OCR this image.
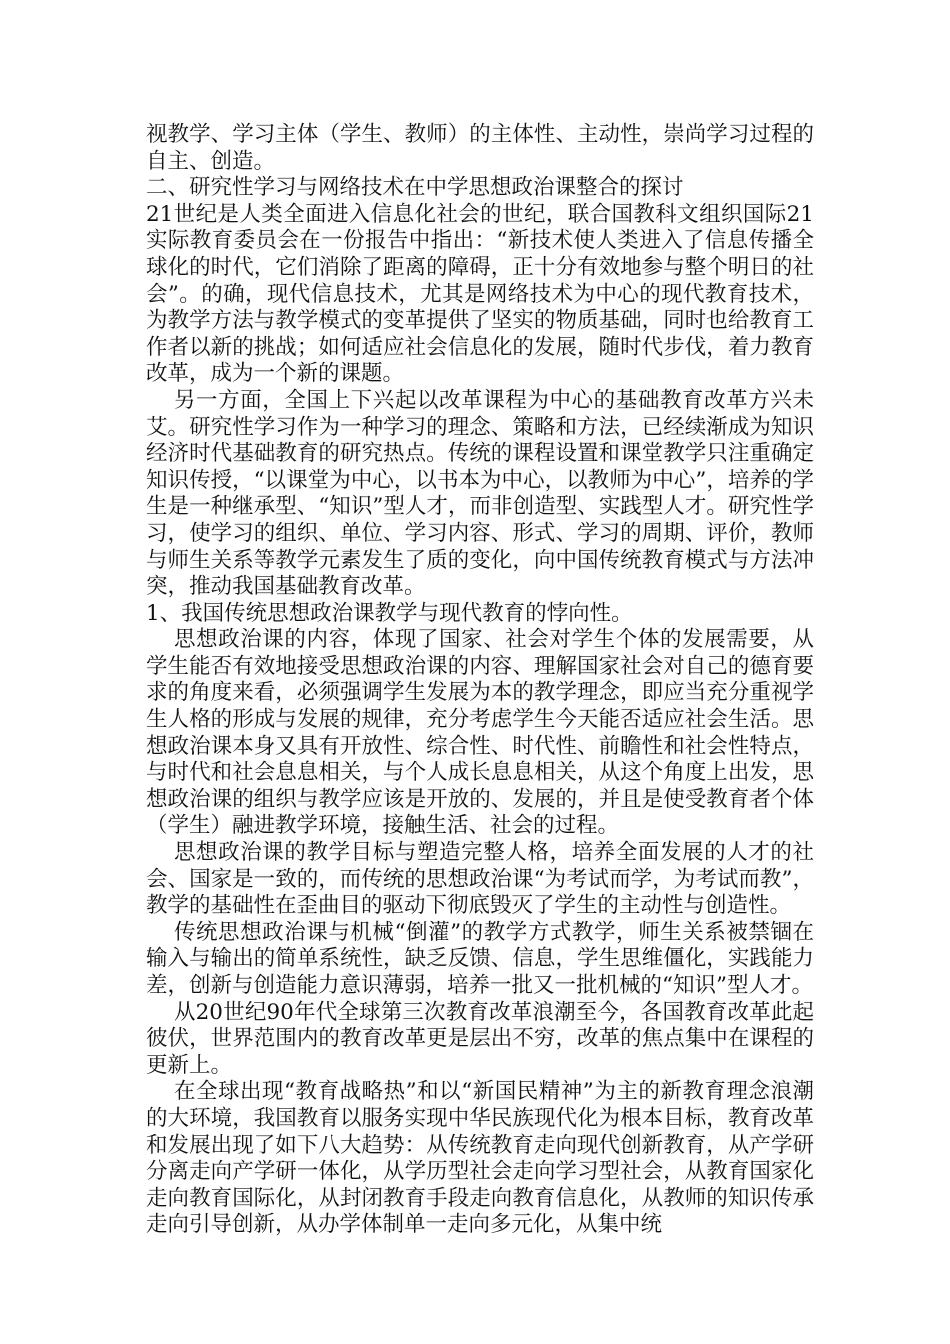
视教学、学习主体（学生、教师）的主体性、主动性，崇尚学习过程的自主、创造。

二、研究性学习与网络技术在中学思想政治课整合的探讨

21世纪是人类全面进入信息化社会的世纪，联合国教科文组织国际21实际教育委员会在一份报告中指出：“新技术使人类进入了信息传播全球化的时代，它们消除了距离的障碍，正十分有效地参与整个明日的社会”。的确，现代信息技术，尤其是网络技术为中心的现代教育技术，为教学方法与教学模式的变革提供了坚实的物质基础，同时也给教育工作者以新的挑战；如何适应社会信息化的发展，随时代步伐，着力教育改革，成为一个新的课题。

另一方面，全国上下兴起以改革课程为中心的基础教育改革方兴未艾。研究性学习作为一种学习的理念、策略和方法，已经续渐成为知识经济时代基础教育的研究热点。传统的课程设置和课堂教学只注重确定知识传授，“以课堂为中心，以书本为中心，以教师为中心”，培养的学生是一种继承型、“知识”型人才，而非创造型、实践型人才。研究性学习，使学习的组织、单位、学习内容、形式、学习的周期、评价，教师与师生关系等教学元素发生了质的变化，向中国传统教育模式与方法冲突，推动我国基础教育改革。

1、我国传统思想政治课教学与现代教育的悖向性。

思想政治课的内容，体现了国家、社会对学生个体的发展需要，从学生能否有效地接受思想政治课的内容、理解国家社会对自己的德育要求的角度来看，必须强调学生发展为本的教学理念，即应当充分重视学生人格的形成与发展的规律，充分考虑学生今天能否适应社会生活。思想政治课本身又具有开放性、综合性、时代性、前瞻性和社会性特点，与时代和社会息息相关，与个人成长息息相关，从这个角度上出发，思想政治课的组织与教学应该是开放的、发展的，并且是使受教育者个体（学生）融进教学环境，接触生活、社会的过程。

思想政治课的教学目标与塑造完整人格，培养全面发展的人才的社会、国家是一致的，而传统的思想政治课“为考试而学，为考试而教”，教学的基础性在歪曲目的驱动下彻底毁灭了学生的主动性与创造性。

传统思想政治课与机械“倒灌”的教学方式教学，师生关系被禁锢在输入与输出的简单系统性，缺乏反馈、信息，学生思维僵化，实践能力差，创新与创造能力意识薄弱，培养一批又一批机械的“知识”型人才。

从20世纪90年代全球第三次教育改革浪潮至今，各国教育改革此起彼伏，世界范围内的教育改革更是层出不穷，改革的焦点集中在课程的更新上。

在全球出现“教育战略热”和以“新国民精神”为主的新教育理念浪潮的大环境，我国教育以服务实现中华民族现代化为根本目标，教育改革和发展出现了如下八大趋势：从传统教育走向现代创新教育，从产学研分离走向产学研一体化，从学历型社会走向学习型社会，从教育国家化走向教育国际化，从封闭教育手段走向教育信息化，从教师的知识传承走向引导创新，从办学体制单一走向多元化，从集中统
